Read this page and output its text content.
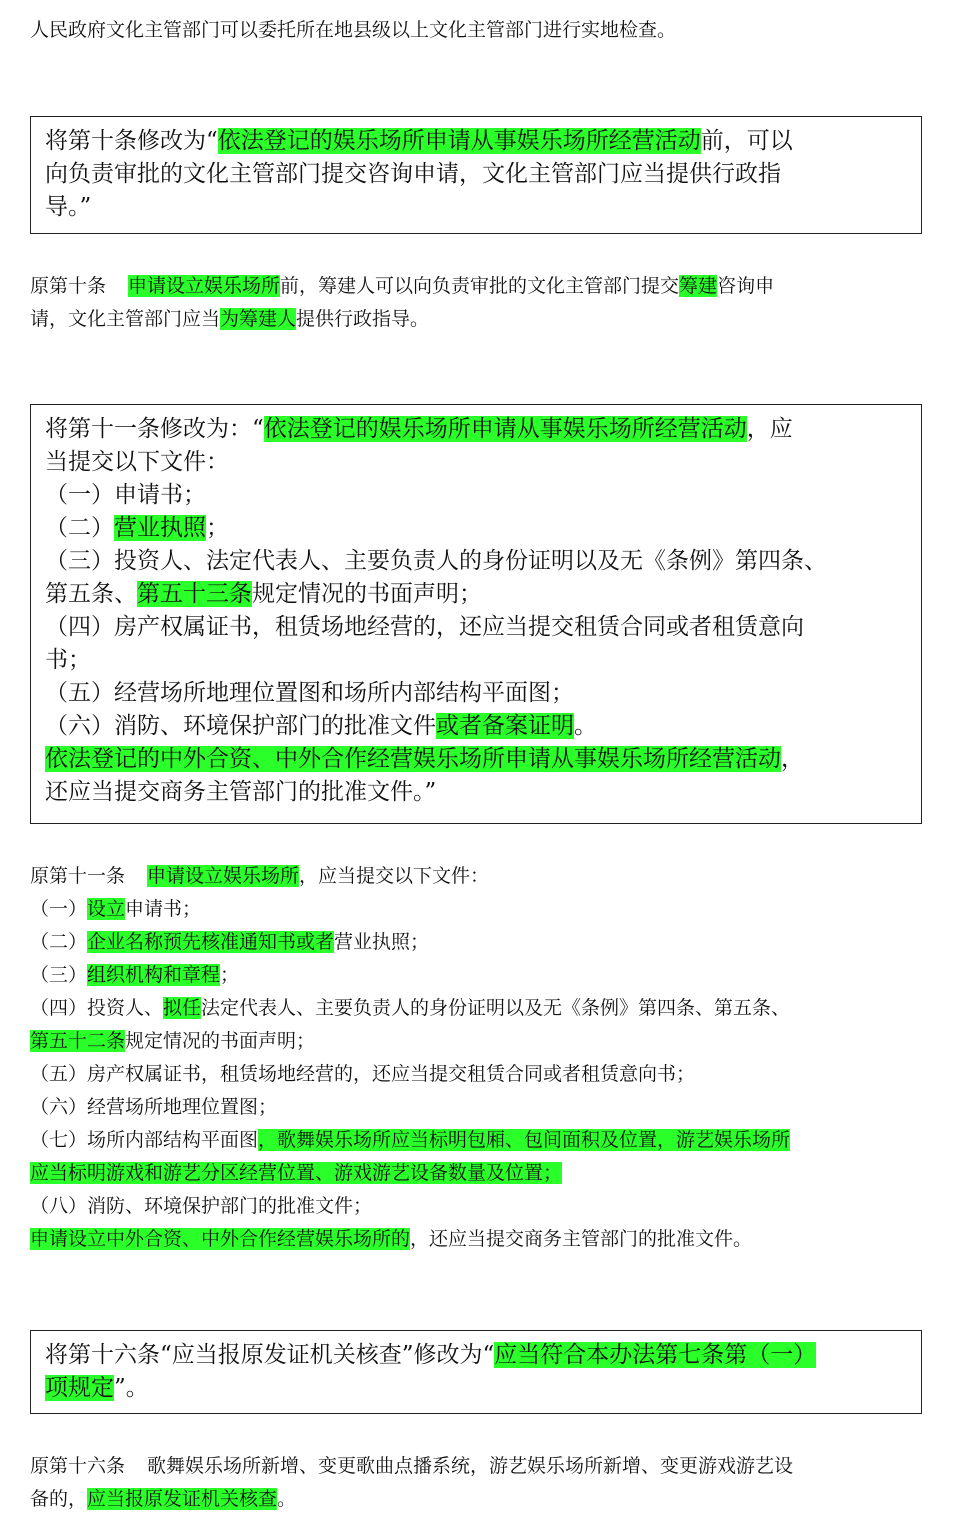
人民政府文化主管部门可以委托所在地县级以上文化主管部门进行实地检查。
将第十条修改为“依法登记的娱乐场所申请从事娱乐场所经营活动前，可以
向负责审批的文化主管部门提交咨询申请，文化主管部门应当提供行政指
导。”
原第十条 申请设立娱乐场所前，筹建人可以向负责审批的文化主管部门提交筹建咨询申
请，文化主管部门应当为筹建人提供行政指导。
将第十一条修改为：“依法登记的娱乐场所申请从事娱乐场所经营活动，应
当提交以下文件：
（一）申请书；
（二）营业执照；
（三）投资人、法定代表人、主要负责人的身份证明以及无《条例》第四条、
第五条、第五十三条规定情况的书面声明；
（四）房产权属证书，租赁场地经营的，还应当提交租赁合同或者租赁意向
书；
（五）经营场所地理位置图和场所内部结构平面图；
（六）消防、环境保护部门的批准文件或者备案证明。
依法登记的中外合资、中外合作经营娱乐场所申请从事娱乐场所经营活动，
还应当提交商务主管部门的批准文件。”
原第十一条 申请设立娱乐场所，应当提交以下文件：
（一）设立申请书；
（二）企业名称预先核准通知书或者营业执照；
（三）组织机构和章程；
（四）投资人、拟任法定代表人、主要负责人的身份证明以及无《条例》第四条、第五条、
第五十二条规定情况的书面声明；
（五）房产权属证书，租赁场地经营的，还应当提交租赁合同或者租赁意向书；
（六）经营场所地理位置图；
（七）场所内部结构平面图，歌舞娱乐场所应当标明包厢、包间面积及位置，游艺娱乐场所
应当标明游戏和游艺分区经营位置、游戏游艺设备数量及位置；
（八）消防、环境保护部门的批准文件；
申请设立中外合资、中外合作经营娱乐场所的，还应当提交商务主管部门的批准文件。
将第十六条“应当报原发证机关核查”修改为“应当符合本办法第七条第（一）
项规定”。
原第十六条 歌舞娱乐场所新增、变更歌曲点播系统，游艺娱乐场所新增、变更游戏游艺设
备的，应当报原发证机关核查。
